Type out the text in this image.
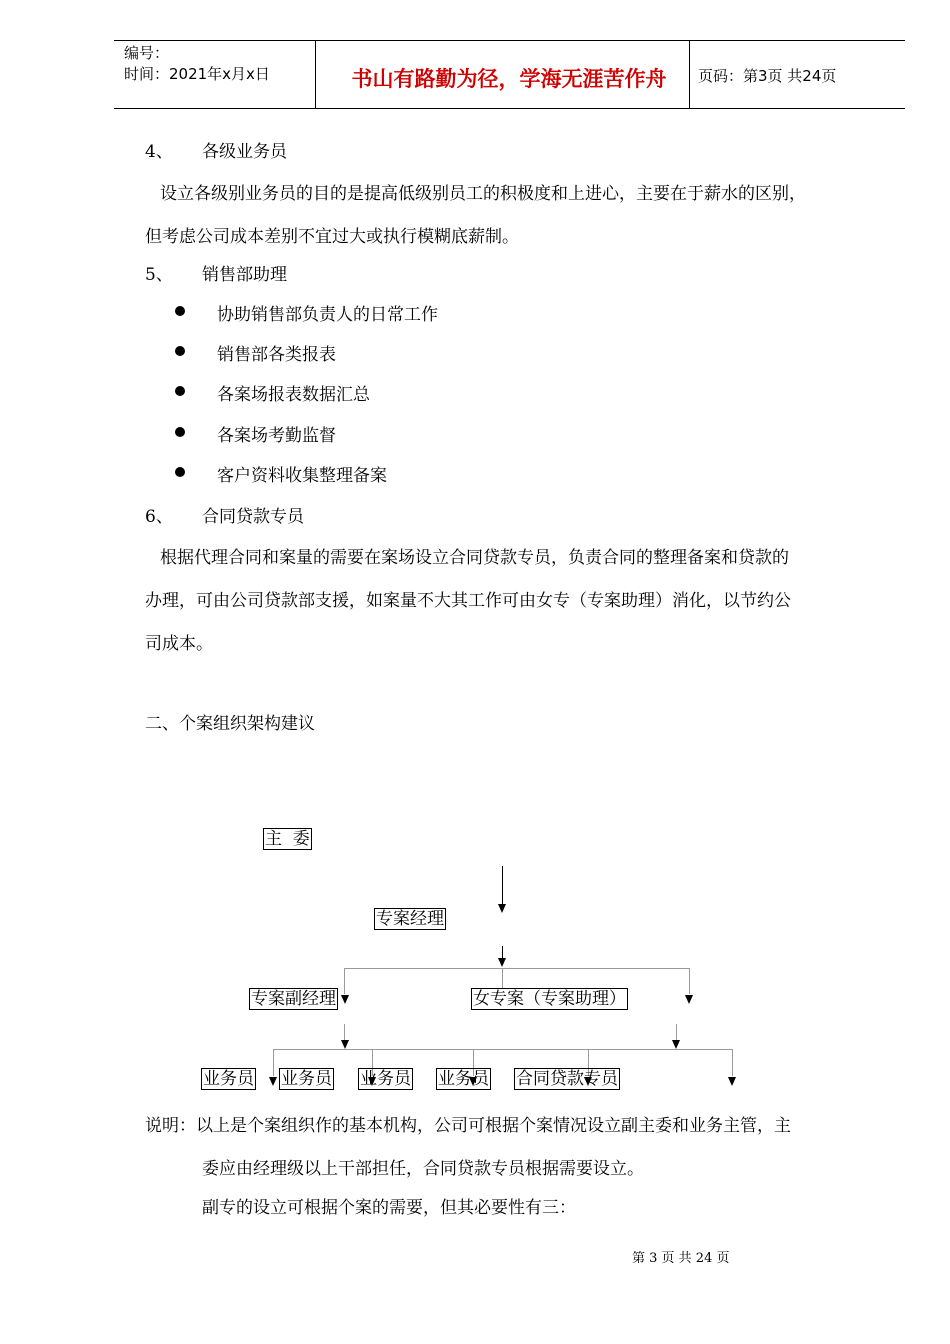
编号：
时间：2021年x月x日	书山有路勤为径，学海无涯苦作舟	页码：第3页 共24页
4、 各级业务员
设立各级别业务员的目的是提高低级别员工的积极度和上进心，主要在于薪水的区别，
但考虑公司成本差别不宜过大或执行模糊底薪制。
5、 销售部助理
协助销售部负责人的日常工作
销售部各类报表
各案场报表数据汇总
各案场考勤监督
客户资料收集整理备案
6、 合同贷款专员
根据代理合同和案量的需要在案场设立合同贷款专员，负责合同的整理备案和贷款的
办理，可由公司贷款部支援，如案量不大其工作可由女专（专案助理）消化，以节约公
司成本。
二、个案组织架构建议
主  委
专案经理
专案副经理	女专案（专案助理）
业务员 业务员 业务员 业务员 合同贷款专员
说明：以上是个案组织作的基本机构，公司可根据个案情况设立副主委和业务主管，主
委应由经理级以上干部担任，合同贷款专员根据需要设立。
副专的设立可根据个案的需要，但其必要性有三：
第 3 页 共 24 页
